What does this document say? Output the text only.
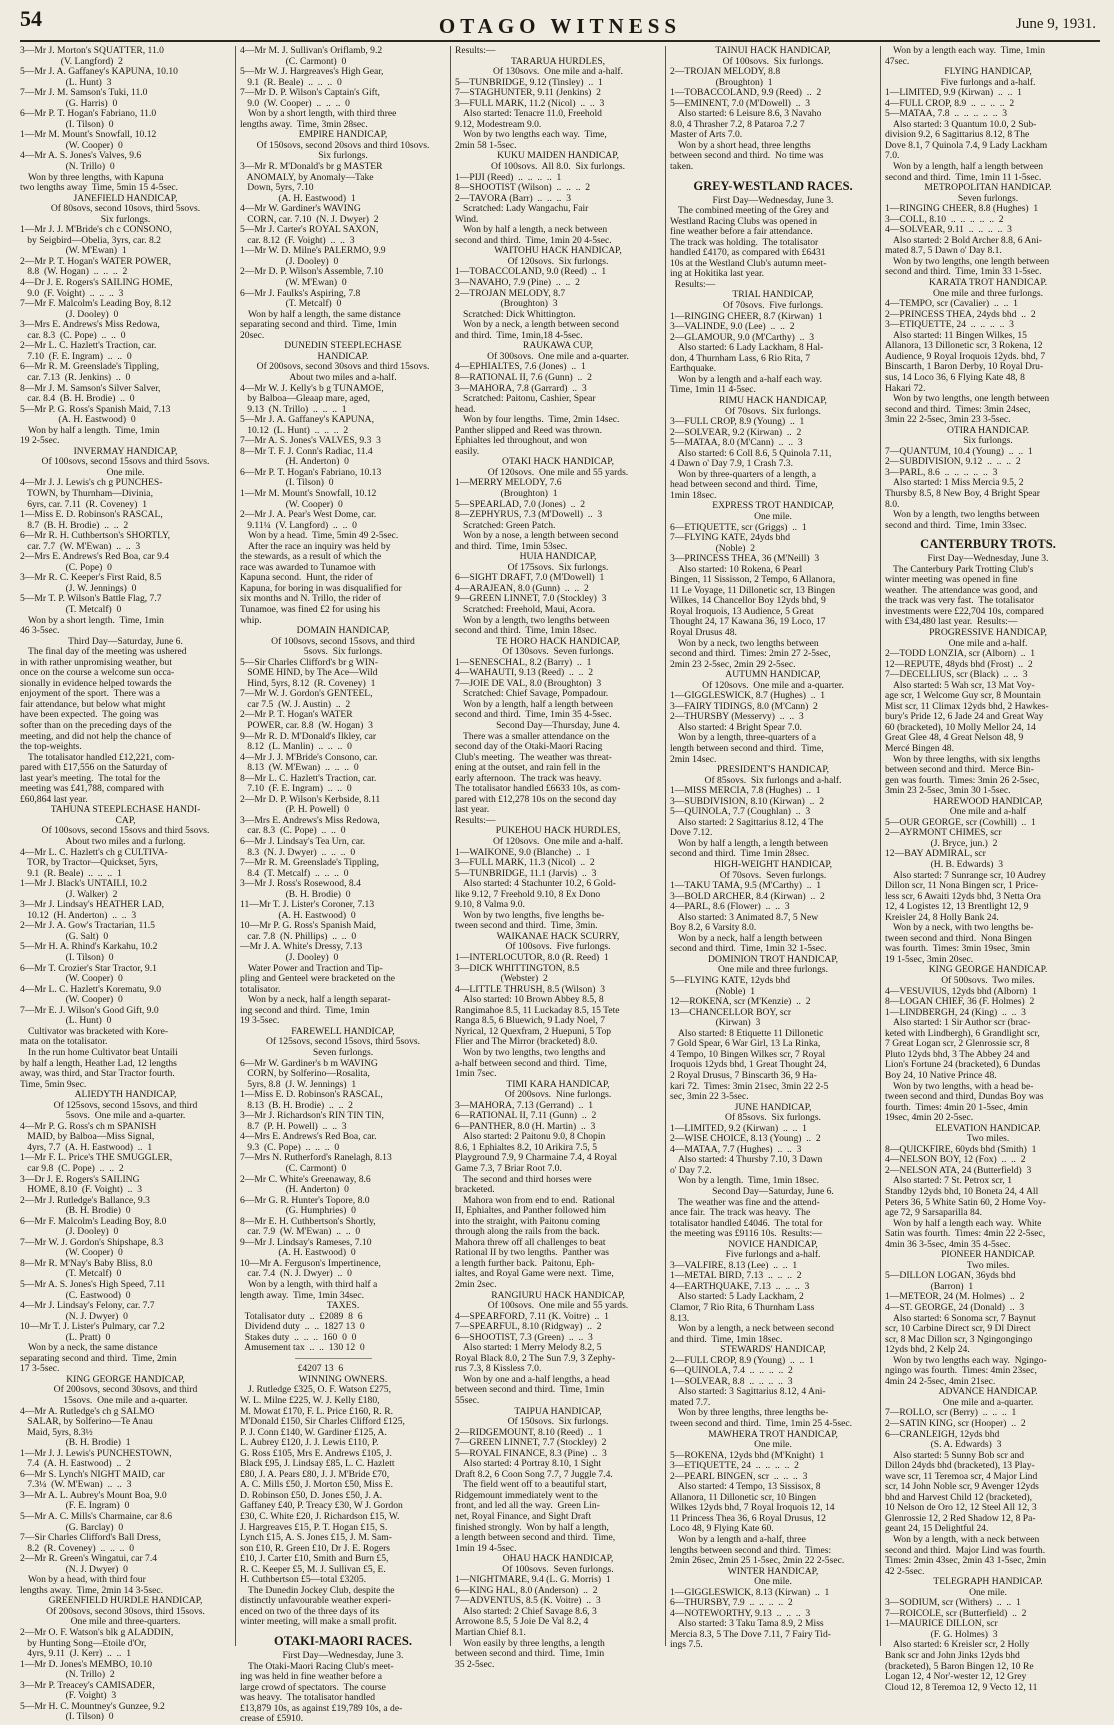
54	OTAGO WITNESS	June 9, 1931.
3—Mr J. Morton's SQUATTER, 11.0
(V. Langford)  2
5—Mr J. A. Gaffaney's KAPUNA, 10.10
(L. Hunt)  3
7—Mr J. M. Samson's Tuki, 11.0
(G. Harris)  0
6—Mr P. T. Hogan's Fabriano, 11.0
(I. Tilson)  0
1—Mr M. Mount's Snowfall, 10.12
(W. Cooper)  0
4—Mr A. S. Jones's Valves, 9.6
(N. Trillo)  0
Won by three lengths, with Kapuna
two lengths away  Time, 5min 15 4-5sec.
JANEFIELD HANDICAP,
Of 80sovs, second 10sovs, third 5sovs.
Six furlongs.
1—Mr J. J. M'Bride's ch c CONSONO,
by Seigbird—Obelia, 3yrs, car. 8.2
(W. M'Ewan)  1
2—Mr P. T. Hogan's WATER POWER,
8.8  (W. Hogan)  ..  ..  ..  2
4—Dr J. E. Rogers's SAILING HOME,
9.0  (F. Voight)  ..  ..  ..  3
7—Mr F. Malcolm's Leading Boy, 8.12
(J. Dooley)  0
3—Mrs E. Andrews's Miss Redowa,
car. 8.3  (C. Pope)  ..  ..  0
2—Mr L. C. Hazlett's Traction, car.
7.10  (F. E. Ingram)  ..  ..  0
6—Mr R. M. Greenslade's Tippling,
car. 7.13  (R. Jenkins)  ..  0
8—Mr J. M. Samson's Silver Salver,
car. 8.4  (B. H. Brodie)  ..  0
5—Mr P. G. Ross's Spanish Maid, 7.13
(A. H. Eastwood)  0
Won by half a length.  Time, 1min
19 2-5sec.
INVERMAY HANDICAP,
Of 100sovs, second 15sovs and third 5sovs.
One mile.
4—Mr J. J. Lewis's ch g PUNCHES-
TOWN, by Thurnham—Divinia,
6yrs, car. 7.11  (R. Coveney)  1
1—Miss E. D. Robinson's RASCAL,
8.7  (B. H. Brodie)  ..  ..  2
6—Mr R. H. Cuthbertson's SHORTLY,
car. 7.7  (W. M'Ewan)  ..  ..  3
2—Mrs E. Andrews's Red Boa, car 9.4
(C. Pope)  0
3—Mr R. C. Keeper's First Raid, 8.5
(J. W. Jennings)  0
5—Mr T. P. Wilson's Battle Flag, 7.7
(T. Metcalf)  0
Won by a short length.  Time, 1min
46 3-5sec.
Third Day—Saturday, June 6.
The final day of the meeting was ushered
in with rather unpromising weather, but
once on the course a welcome sun occa-
sionally in evidence helped towards the
enjoyment of the sport.  There was a
fair attendance, but below what might
have been expected.  The going was
softer than on the preceding days of the
meeting, and did not help the chance of
the top-weights.
The totalisator handled £12,221, com-
pared with £17,556 on the Saturday of
last year's meeting.  The total for the
meeting was £41,788, compared with
£60,864 last year.
TAHUNA STEEPLECHASE HANDI-
CAP,
Of 100sovs, second 15sovs and third 5sovs.
About two miles and a furlong.
4—Mr L. C. Hazlett's ch g CULTIVA-
TOR, by Tractor—Quickset, 5yrs,
9.1  (R. Beale)  ..  ..  ..  1
1—Mr J. Black's UNTAILI, 10.2
(J. Walker)  2
3—Mr J. Lindsay's HEATHER LAD,
10.12  (H. Anderton)  ..  ..  3
2—Mr J. A. Gow's Tractarian, 11.5
(G. Salt)  0
5—Mr H. A. Rhind's Karkahu, 10.2
(I. Tilson)  0
6—Mr T. Crozier's Star Tractor, 9.1
(W. Cooper)  0
4—Mr L. C. Hazlett's Korematu, 9.0
(W. Cooper)  0
7—Mr E. J. Wilson's Good Gift, 9.0
(L. Hunt)  0
Cultivator was bracketed with Kore-
mata on the totalisator.
In the run home Cultivator beat Untaili
by half a length, Heather Lad, 12 lengths
away, was third, and Star Tractor fourth.
Time, 5min 9sec.
ALIEDYTH HANDICAP,
Of 125sovs, second 15sovs, and third
5sovs.  One mile and a-quarter.
4—Mr P. G. Ross's ch m SPANISH
MAID, by Balboa—Miss Signal,
4yrs, 7.7  (A. H. Eastwood)  ..  1
1—Mr F. L. Price's THE SMUGGLER,
car 9.8  (C. Pope)  ..  ..  2
3—Dr J. E. Rogers's SAILING
HOME, 8.10  (F. Voight)  ..  3
2—Mr J. Rutledge's Ballance, 9.3
(B. H. Brodie)  0
6—Mr F. Malcolm's Leading Boy, 8.0
(J. Dooley)  0
7—Mr W. J. Gordon's Shipshape, 8.3
(W. Cooper)  0
8—Mr R. M'Nay's Baby Bliss, 8.0
(T. Metcalf)  0
5—Mr A. S. Jones's High Speed, 7.11
(C. Eastwood)  0
4—Mr J. Lindsay's Felony, car. 7.7
(N. J. Dwyer)  0
10—Mr T. J. Lister's Pulmary, car 7.2
(L. Pratt)  0
Won by a neck, the same distance
separating second and third.  Time, 2min
17 3-5sec.
KING GEORGE HANDICAP,
Of 200sovs, second 30sovs, and third
15sovs.  One mile and a-quarter.
4—Mr A. Rutledge's ch g SALMO
SALAR, by Solferino—Te Anau
Maid, 5yrs, 8.3½
(B. H. Brodie)  1
1—Mr J. J. Lewis's PUNCHESTOWN,
7.4  (A. H. Eastwood)  ..  2
6—Mr S. Lynch's NIGHT MAID, car
7.3¼  (W. M'Ewan)  ..  ..  3
3—Mr A. L. Aubrey's Mount Boa, 9.0
(F. E. Ingram)  0
5—Mr A. C. Mills's Charmaine, car 8.6
(G. Barclay)  0
7—Sir Charles Clifford's Ball Dress,
8.2  (R. Coveney)  ..  ..  ..  0
2—Mr R. Green's Wingatui, car 7.4
(N. J. Dwyer)  0
Won by a head, with third four
lengths away.  Time, 2min 14 3-5sec.
GREENFIELD HURDLE HANDICAP,
Of 200sovs, second 30sovs, third 15sovs.
One mile and three-quarters.
2—Mr O. F. Watson's blk g ALADDIN,
by Hunting Song—Etoile d'Or,
4yrs, 9.11  (J. Kerr)  ..  ..  1
1—Mr D. Jones's MEMBO, 10.10
(N. Trillo)  2
3—Mr P. Treacey's CAMISADER,
(F. Voight)  3
5—Mr H. C. Mountney's Gunzee, 9.2
(I. Tilson)  0
4—Mr M. J. Sullivan's Oriflamb, 9.2
(C. Carmont)  0
5—Mr W. J. Hargreaves's High Gear,
9.1  (R. Beale)  ..  ..  ..  0
7—Mr D. P. Wilson's Captain's Gift,
9.0  (W. Cooper)  ..  ..  ..  0
Won by a short length, with third three
lengths away.  Time, 3min 28sec.
EMPIRE HANDICAP,
Of 150sovs, second 20sovs and third 10sovs.
Six furlongs.
3—Mr R. M'Donald's br g MASTER
ANOMALY, by Anomaly—Take
Down, 5yrs, 7.10
(A. H. Eastwood)  1
4—Mr W. Gardiner's WAVING
CORN, car. 7.10  (N. J. Dwyer)  2
5—Mr J. Carter's ROYAL SAXON,
car. 8.12  (F. Voight)  ..  ..  3
1—Mr W. D. Milne's PALERMO, 9.9
(J. Dooley)  0
2—Mr D. P. Wilson's Assemble, 7.10
(W. M'Ewan)  0
6—Mr J. Faulks's Aspiring, 7.8
(T. Metcalf)  0
Won by half a length, the same distance
separating second and third.  Time, 1min
20sec.
DUNEDIN STEEPLECHASE
HANDICAP.
Of 200sovs, second 30sovs and third 15sovs.
About two miles and a-half.
4—Mr W. J. Kelly's b g TUNAMOE,
by Balboa—Gleaap mare, aged,
9.13  (N. Trillo)  ..  ..  ..  1
5—Mr J. A. Gaffaney's KAPUNA,
10.12  (L. Hunt)  ..  ..  ..  2
7—Mr A. S. Jones's VALVES, 9.3  3
8—Mr T. F. J. Conn's Radiac, 11.4
(H. Anderton)  0
6—Mr P. T. Hogan's Fabriano, 10.13
(I. Tilson)  0
1—Mr M. Mount's Snowfall, 10.12
(W. Cooper)  0
2—Mr J. A. Pear's West Dome, car.
9.11¼  (V. Langford)  ..  ..  0
Won by a head.  Time, 5min 49 2-5sec.
After the race an inquiry was held by
the stewards, as a result of which the
race was awarded to Tunamoe with
Kapuna second.  Hunt, the rider of
Kapuna, for boring in was disqualified for
six months and N. Trillo, the rider of
Tunamoe, was fined £2 for using his
whip.
DOMAIN HANDICAP,
Of 100sovs, second 15sovs, and third
5sovs.  Six furlongs.
5—Sir Charles Clifford's br g WIN-
SOME HIND, by The Ace—Wild
Hind, 5yrs, 8.12  (R. Coveney)  1
7—Mr W. J. Gordon's GENTEEL,
car 7.5  (W. J. Austin)  ..  2
2—Mr P. T. Hogan's WATER
POWER, car. 8.8  (W. Hogan)  3
9—Mr R. D. M'Donald's Ilkley, car
8.12  (L. Manlin)  ..  ..  ..  0
4—Mr J. J. M'Bride's Consono, car.
8.13  (W. M'Ewan)  ..  ..  ..  0
8—Mr L. C. Hazlett's Traction, car.
7.10  (F. E. Ingram)  ..  ..  0
2—Mr D. P. Wilson's Kerbside, 8.11
(P. H. Powell)  0
3—Mrs E. Andrews's Miss Redowa,
car. 8.3  (C. Pope)  ..  ..  0
6—Mr J. Lindsay's Tea Urn, car.
8.3  (N. J. Dwyer)  ..  ..  ..  0
7—Mr R. M. Greenslade's Tippling,
8.4  (T. Metcalf)  ..  ..  ..  0
3—Mr J. Ross's Rosewood, 8.4
(B. H. Brodie)  0
11—Mr T. J. Lister's Coroner, 7.13
(A. H. Eastwood)  0
10—Mr P. G. Ross's Spanish Maid,
car. 7.8  (N. Phillips)  ..  ..  0
—Mr J. A. White's Dressy, 7.13
(J. Dooley)  0
Water Power and Traction and Tip-
pling and Genteel were bracketed on the
totalisator.
Won by a neck, half a length separat-
ing second and third.  Time, 1min
19 3-5sec.
FAREWELL HANDICAP,
Of 125sovs, second 15sovs, third 5sovs.
Seven furlongs.
6—Mr W. Gardiner's b m WAVING
CORN, by Solferino—Rosalita,
5yrs, 8.8  (J. W. Jennings)  1
1—Miss E. D. Robinson's RASCAL,
8.13  (B. H. Brodie)  ..  ..  2
3—Mr J. Richardson's RIN TIN TIN,
8.7  (P. H. Powell)  ..  ..  3
4—Mrs E. Andrews's Red Boa, car.
9.3  (C. Pope)  ..  ..  ..  0
7—Mrs N. Rutherford's Ranelagh, 8.13
(C. Carmont)  0
2—Mr C. White's Greenaway, 8.6
(H. Anderton)  0
6—Mr G. R. Hunter's Topore, 8.0
(G. Humphries)  0
8—Mr E. H. Cuthbertson's Shortly,
car. 7.9  (W. M'Ewan)  ..  ..  0
9—Mr J. Lindsay's Rameses, 7.10
(A. H. Eastwood)  0
10—Mr A. Ferguson's Impertinence,
car. 7.4  (N. J. Dwyer)  ..  0
Won by a length, with third half a
length away.  Time, 1min 34sec.
TAXES.
Totalisator duty  ..  £2089  8  6
Dividend duty  ..  ..  1827 13  0
Stakes duty  ..  ..  ..  160  0  0
Amusement tax  ..  ..  130 12  0
————————
£4207 13  6
WINNING OWNERS.
J. Rutledge £325, O. F. Watson £275,
W. L. Milne £225, W. J. Kelly £180,
M. Mowat £170, F. L. Price £160, R. R.
M'Donald £150, Sir Charles Clifford £125,
P. J. Conn £140, W. Gardiner £125, A.
L. Aubrey £120, J. J. Lewis £110, P.
G. Ross £105, Mrs E. Andrews £105, J.
Black £95, J. Lindsay £85, L. C. Hazlett
£80, J. A. Pears £80, J. J. M'Bride £70,
A. C. Mills £50, J. Morton £50, Miss E.
D. Robinson £50, D. Jones £50, J. A.
Gaffaney £40, P. Treacy £30, W J. Gordon
£30, C. White £20, J. Richardson £15, W.
J. Hargreaves £15, P. T. Hogan £15, S.
Lynch £15, A. S. Jones £15, J. M. Sam-
son £10, R. Green £10, Dr J. E. Rogers
£10, J. Carter £10, Smith and Burn £5,
R. C. Keeper £5, M. J. Sullivan £5, E.
H. Cuthbertson £5—total £3205.
The Dunedin Jockey Club, despite the
distinctly unfavourable weather experi-
enced on two of the three days of its
winter meeting, will make a small profit.
OTAKI-MAORI RACES.
First Day—Wednesday, June 3.
The Otaki-Maori Racing Club's meet-
ing was held in fine weather before a
large crowd of spectators.  The course
was heavy.  The totalisator handled
£13,879 10s, as against £19,789 10s, a de-
crease of £5910.
Results:—
TARARUA HURDLES,
Of 130sovs.  One mile and a-half.
5—TUNBRIDGE, 9.12 (Tinsley)  ..  1
7—STAGHUNTER, 9.11 (Jenkins)  2
3—FULL MARK, 11.2 (Nicol)  ..  ..  3
Also started: Tenacre 11.0, Freehold
9.12, Modestream 9.0.
Won by two lengths each way.  Time,
2min 58 1-5sec.
KUKU MAIDEN HANDICAP,
Of 100sovs.  All 8.0.  Six furlongs.
1—PIJI (Reed)  ..  ..  ..  ..  1
8—SHOOTIST (Wilson)  ..  ..  ..  2
2—TAVORA (Barr)  ..  ..  ..  3
Scratched: Lady Wangachu, Fair
Wind.
Won by half a length, a neck between
second and third.  Time, 1min 20 4-5sec.
WAITOHU HACK HANDICAP,
Of 120sovs.  Six furlongs.
1—TOBACCOLAND, 9.0 (Reed)  ..  1
3—NAVAHO, 7.9 (Pine)  ..  ..  2
2—TROJAN MELODY, 8.7
(Broughton)  3
Scratched: Dick Whittington.
Won by a neck, a length between second
and third.  Time, 1min,18 4-5sec.
RAUKAWA CUP,
Of 300sovs.  One mile and a-quarter.
4—EPHIALTES, 7.6 (Jones)  ..  1
8—RATIONAL II, 7.6 (Gunn)  ..  2
3—MAHORA, 7.8 (Garrard)  ..  3
Scratched: Paitonu, Cashier, Spear
head.
Won by four lengths.  Time, 2min 14sec.
Panther slipped and Reed was thrown.
Ephialtes led throughout, and won
easily.
OTAKI HACK HANDICAP,
Of 120sovs.  One mile and 55 yards.
1—MERRY MELODY, 7.6
(Broughton)  1
5—SPEARLAD, 7.0 (Jones)  ..  2
8—ZEPHYRUS, 7.3 (M'Dowell)  ..  3
Scratched: Green Patch.
Won by a nose, a length between second
and third.  Time, 1min 53sec.
HUIA HANDICAP,
Of 175sovs.  Six furlongs.
6—SIGHT DRAFT, 7.0 (M'Dowell)  1
4—ARAJEAN, 8.0 (Gunn)  ..  ..  2
9—GREEN LINNET, 7.0 (Stockley)  3
Scratched: Freehold, Maui, Acora.
Won by a length, two lengths between
second and third.  Time, 1min 18sec.
TE HORO HACK HANDICAP,
Of 130sovs.  Seven furlongs.
1—SENESCHAL, 8.2 (Barry)  ..  1
4—WAHAUTI, 9.13 (Reed)  ..  ..  2
7—JOIE DE VAL, 8.0 (Broughton)  3
Scratched: Chief Savage, Pompadour.
Won by a length, half a length between
second and third.  Time, 1min 35 4-5sec.
Second Day—Thursday, June 4.
There was a smaller attendance on the
second day of the Otaki-Maori Racing
Club's meeting.  The weather was threat-
ening at the outset, and rain fell in the
early afternoon.  The track was heavy.
The totalisator handled £6633 10s, as com-
pared with £12,278 10s on the second day
last year.
Results:—
PUKEHOU HACK HURDLES,
Of 120sovs.  One mile and a-half.
1—WAIKONE, 9.0 (Blanche)  ..  1
3—FULL MARK, 11.3 (Nicol)  ..  2
5—TUNBRIDGE, 11.1 (Jarvis)  ..  3
Also started: 4 Stachunter 10.2, 6 Gold-
like 9.12, 7 Freehold 9.10, 8 Ex Dono
9.10, 8 Valma 9.0.
Won by two lengths, five lengths be-
tween second and third.  Time, 3min.
WAIKANAE HACK SCURRY,
Of 100sovs.  Five furlongs.
1—INTERLOCUTOR, 8.0 (R. Reed)  1
3—DICK WHITTINGTON, 8.5
(Webster)  2
4—LITTLE THRUSH, 8.5 (Wilson)  3
Also started: 10 Brown Abbey 8.5, 8
Rangimahoe 8.5, 11 Luckaday 8.5, 15 Tete
Ranga 8.5, 6 Bluewich, 9 Lady Noel, 7
Nyrical, 12 Quexfram, 2 Huepuni, 5 Top
Flier and The Mirror (bracketed) 8.0.
Won by two lengths, two lengths and
a-half between second and third.  Time,
1min 7sec.
TIMI KARA HANDICAP,
Of 200sovs.  Nine furlongs.
3—MAHORA, 7.13 (Gerrand)  ..  1
6—RATIONAL II, 7.11 (Gunn)  ..  2
6—PANTHER, 8.0 (H. Martin)  ..  3
Also started: 2 Paitonu 9.0, 8 Chopin
8.6, 1 Ephialtes 8.2, 10 Arikira 7.5, 5
Playground 7.9, 9 Charmaine 7.4, 4 Royal
Game 7.3, 7 Briar Root 7.0.
The second and third horses were
bracketed.
Mahora won from end to end.  Rational
II, Ephialtes, and Panther followed him
into the straight, with Paitonu coming
through along the rails from the back.
Mahora threw off all challenges to beat
Rational II by two lengths.  Panther was
a length further back.  Paitonu, Eph-
ialtes, and Royal Game were next.  Time,
2min 2sec.
RANGIURU HACK HANDICAP,
Of 100sovs.  One mile and 55 yards.
4—SPEARFORD, 7.11 (K. Voitre)  ..  1
7—SPEARFUL, 8.10 (Ridgway)  ..  2
6—SHOOTIST, 7.3 (Green)  ..  ..  3
Also started: 1 Merry Melody 8.2, 5
Royal Black 8.0, 2 The Sun 7.9, 3 Zephy-
rus 7.3, 8 Kissless 7.0.
Won by one and a-half lengths, a head
between second and third.  Time, 1min
55sec.
TAIPUA HANDICAP,
Of 150sovs.  Six furlongs.
2—RIDGEMOUNT, 8.10 (Reed)  ..  1
7—GREEN LINNET, 7.7 (Stockley)  2
5—ROYAL FINANCE, 8.3 (Pine)  ..  3
Also started: 4 Portray 8.10, 1 Sight
Draft 8.2, 6 Coon Song 7.7, 7 Juggle 7.4.
The field went off to a beautiful start,
Ridgemount immediately went to the
front, and led all the way.  Green Lin-
net, Royal Finance, and Sight Draft
finished strongly.  Won by half a length,
a length between second and third.  Time,
1min 19 4-5sec.
OHAU HACK HANDICAP,
Of 100sovs.  Seven furlongs.
1—NIGHTMARE, 9.4 (L. G. Morris)  1
6—KING HAL, 8.0 (Anderson)  ..  2
7—ADVENTUS, 8.5 (K. Voitre)  ..  3
Also started: 2 Chief Savage 8.6, 3
Arrowone 8.5, 5 Joie De Val 8.2, 4
Martian Chief 8.1.
Won easily by three lengths, a length
between second and third.  Time, 1min
35 2-5sec.
TAINUI HACK HANDICAP,
Of 100sovs.  Six furlongs.
2—TROJAN MELODY, 8.8
(Broughton)  1
1—TOBACCOLAND, 9.9 (Reed)  ..  2
5—EMINENT, 7.0 (M'Dowell)  ..  3
Also started: 6 Leisure 8.6, 3 Navaho
8.0, 4 Thrasher 7.2, 8 Pataroa 7.2 7
Master of Arts 7.0.
Won by a short head, three lengths
between second and third.  No time was
taken.
GREY-WESTLAND RACES.
First Day—Wednesday, June 3.
The combined meeting of the Grey and
Westland Racing Clubs was opened in
fine weather before a fair attendance.
The track was holding.  The totalisator
handled £4170, as compared with £6431
10s at the Westland Club's autumn meet-
ing at Hokitika last year.
Results:—
TRIAL HANDICAP,
Of 70sovs.  Five furlongs.
1—RINGING CHEER, 8.7 (Kirwan)  1
3—VALINDE, 9.0 (Lee)  ..  ..  2
2—GLAMOUR, 9.0 (M'Carthy)  ..  3
Also started: 6 Lady Lackham, 8 Hal-
don, 4 Thurnham Lass, 6 Rio Rita, 7
Earthquake.
Won by a length and a-half each way.
Time, 1min 11 4-5sec.
RIMU HACK HANDICAP,
Of 70sovs.  Six furlongs.
3—FULL CROP, 8.9 (Young)  ..  1
2—SOLVEAR, 9.2 (Kirwan)  ..  2
5—MATAA, 8.0 (M'Cann)  ..  ..  3
Also started: 6 Coll 8.6, 5 Quinola 7.11,
4 Dawn o' Day 7.9, 1 Crash 7.3.
Won by three-quarters of a length, a
head between second and third.  Time,
1min 18sec.
EXPRESS TROT HANDICAP,
One mile.
6—ETIQUETTE, scr (Griggs)  ..  1
7—FLYING KATE, 24yds bhd
(Noble)  2
3—PRINCESS THEA, 36 (M'Neill)  3
Also started: 10 Rokena, 6 Pearl
Bingen, 11 Sississon, 2 Tempo, 6 Allanora,
11 Le Voyage, 11 Dillonetic scr, 13 Bingen
Wilkes, 14 Chancellor Boy 12yds bhd, 9
Royal Iroquois, 13 Audience, 5 Great
Thought 24, 17 Kawana 36, 19 Loco, 17
Royal Drusus 48.
Won by a neck, two lengths between
second and third.  Times: 2min 27 2-5sec,
2min 23 2-5sec, 2min 29 2-5sec.
AUTUMN HANDICAP,
Of 120sovs.  One mile and a-quarter.
1—GIGGLESWICK, 8.7 (Hughes)  ..  1
3—FAIRY TIDINGS, 8.0 (M'Cann)  2
2—THURSBY (Messervy)  ..  ..  3
Also started: 4 Bright Spear 7.0.
Won by a length, three-quarters of a
length between second and third.  Time,
2min 14sec.
PRESIDENT'S HANDICAP,
Of 85sovs.  Six furlongs and a-half.
1—MISS MERCIA, 7.8 (Hughes)  ..  1
3—SUBDIVISION, 8.10 (Kirwan)  ..  2
5—QUINOLA, 7.7 (Coughlan)  ..  3
Also started: 2 Sagittarius 8.12, 4 The
Dove 7.12.
Won by half a length, a length between
second and third.  Time 1min 28sec.
HIGH-WEIGHT HANDICAP,
Of 70sovs.  Seven furlongs.
1—TAKU TAMA, 9.5 (M'Carthy)  ..  1
3—BOLD ARCHER, 8.4 (Kirwan)  ..  2
4—PARL, 8.6 (Flower)  ..  ..  3
Also started: 3 Animated 8.7, 5 New
Boy 8.2, 6 Varsity 8.0.
Won by a neck, half a length between
second and third.  Time, 1min 32 1-5sec.
DOMINION TROT HANDICAP,
One mile and three furlongs.
5—FLYING KATE, 12yds bhd
(Noble)  1
12—ROKENA, scr (M'Kenzie)  ..  2
13—CHANCELLOR BOY, scr
(Kirwan)  3
Also started: 8 Etiquette 11 Dillonetic
7 Gold Spear, 6 War Girl, 13 La Rinka,
4 Tempo, 10 Bingen Wilkes scr, 7 Royal
Iroquois 12yds bhd, 1 Great Thought 24,
2 Royal Drusus, 7 Binscarth 36, 9 Ha-
kari 72.  Times: 3min 21sec, 3min 22 2-5
sec, 3min 22 3-5sec.
JUNE HANDICAP,
Of 85sovs.  Six furlongs.
1—LIMITED, 9.2 (Kirwan)  ..  ..  1
2—WISE CHOICE, 8.13 (Young)  ..  2
4—MATAA, 7.7 (Hughes)  ..  ..  3
Also started: 4 Thursby 7.10, 3 Dawn
o' Day 7.2.
Won by a length.  Time, 1min 18sec.
Second Day—Saturday, June 6.
The weather was fine and the attend-
ance fair.  The track was heavy.  The
totalisator handled £4046.  The total for
the meeting was £9116 10s.  Results:—
NOVICE HANDICAP,
Five furlongs and a-half.
3—VALFIRE, 8.13 (Lee)  ..  ..  1
1—METAL BIRD, 7.13  ..  ..  ..  2
4—EARTHQUAKE, 7.13  ..  ..  ..  3
Also started: 5 Lady Lackham, 2
Clamor, 7 Rio Rita, 6 Thurnham Lass
8.13.
Won by a length, a neck between second
and third.  Time, 1min 18sec.
STEWARDS' HANDICAP,
2—FULL CROP, 8.9 (Young)  ..  ..  1
6—QUINOLA, 7.4  ..  ..  ..  ..  2
1—SOLVEAR, 8.8  ..  ..  ..  ..  3
Also started: 3 Sagittarius 8.12, 4 Ani-
mated 7.7.
Won by three lengths, three lengths be-
tween second and third.  Time, 1min 25 4-5sec.
MAWHERA TROT HANDICAP,
One mile.
5—ROKENA, 12yds bhd (M'Knight)  1
3—ETIQUETTE, 24  ..  ..  ..  ..  2
2—PEARL BINGEN, scr  ..  ..  ..  3
Also started: 4 Tempo, 13 Sissisox, 8
Allanora, 11 Dillonetic scr, 10 Bingen
Wilkes 12yds bhd, 7 Royal Iroquois 12, 14
11 Princess Thea 36, 6 Royal Drusus, 12
Loco 48, 9 Flying Kate 60.
Won by a length and a-half, three
lengths between second and third.  Times:
2min 26sec, 2min 25 1-5sec, 2min 22 2-5sec.
WINTER HANDICAP,
One mile.
1—GIGGLESWICK, 8.13 (Kirwan)  ..  1
6—THURSBY, 7.9  ..  ..  ..  ..  2
4—NOTEWORTHY, 9.13  ..  ..  ..  3
Also started: 3 Taku Tama 8.9, 2 Miss
Mercia 8.3, 5 The Dove 7.11, 7 Fairy Tid-
ings 7.5.
Won by a length each way.  Time, 1min
47sec.
FLYING HANDICAP,
Five furlongs and a-half.
1—LIMITED, 9.9 (Kirwan)  ..  ..  1
4—FULL CROP, 8.9  ..  ..  ..  ..  2
5—MATAA, 7.8  ..  ..  ..  ..  ..  3
Also started: 3 Quantum 10.0, 2 Sub-
division 9.2, 6 Sagittarius 8.12, 8 The
Dove 8.1, 7 Quinola 7.4, 9 Lady Lackham
7.0.
Won by a length, half a length between
second and third.  Time, 1min 11 1-5sec.
METROPOLITAN HANDICAP.
Seven furlongs.
1—RINGING CHEER, 8.8 (Hughes)  1
3—COLL, 8.10  ..  ..  ..  ..  ..  2
4—SOLVEAR, 9.11  ..  ..  ..  ..  3
Also started: 2 Bold Archer 8.8, 6 Ani-
mated 8.7, 5 Dawn o' Day 8.1.
Won by two lengths, one length between
second and third.  Time, 1min 33 1-5sec.
KARATA TROT HANDICAP.
One mile and three furlongs.
4—TEMPO, scr (Cavalier)  ..  ..  1
2—PRINCESS THEA, 24yds bhd  ..  2
3—ETIQUETTE, 24  ..  ..  ..  ..  3
Also started: 11 Bingen Wilkes, 15
Allanora, 13 Dillonetic scr, 3 Rokena, 12
Audience, 9 Royal Iroquois 12yds. bhd, 7
Binscarth, 1 Baron Derby, 10 Royal Dru-
sus, 14 Loco 36, 6 Flying Kate 48, 8
Hakari 72.
Won by two lengths, one length between
second and third.  Times: 3min 24sec,
3min 22 2-5sec, 3min 23 3-5sec.
OTIRA HANDICAP.
Six furlongs.
7—QUANTUM, 10.4 (Young)  ..  ..  1
2—SUBDIVISION, 9.12  ..  ..  ..  2
3—PARL, 8.6  ..  ..  ..  ..  ..  3
Also started: 1 Miss Mercia 9.5, 2
Thursby 8.5, 8 New Boy, 4 Bright Spear
8.0.
Won by a length, two lengths between
second and third.  Time, 1min 33sec.
CANTERBURY TROTS.
First Day—Wednesday, June 3.
The Canterbury Park Trotting Club's
winter meeting was opened in fine
weather.  The attendance was good, and
the track was very fast.  The totalisator
investments were £22,704 10s, compared
with £34,480 last year.  Results:—
PROGRESSIVE HANDICAP,
One mile and a-half.
2—TODD LONZIA, scr (Alborn)  ..  1
12—REPUTE, 48yds bhd (Frost)  ..  2
7—DECELLIUS, scr (Black)  ..  ..  3
Also started: 5 Wah scr, 13 Mat Voy-
age scr, 1 Welcome Guy scr, 8 Mountain
Mist scr, 11 Climax 12yds bhd, 2 Hawkes-
bury's Pride 12, 6 Jade 24 and Great Way
60 (bracketed), 10 Molly Mellor 24, 14
Great Glee 48, 4 Great Nelson 48, 9
Mercé Bingen 48.
Won by three lengths, with six lengths
between second and third.  Merce Bin-
gen was fourth.  Times: 3min 26 2-5sec,
3min 23 2-5sec, 3min 30 1-5sec.
HAREWOOD HANDICAP,
One mile and a-half
5—OUR GEORGE, scr (Cowhill)  ..  1
2—AYRMONT CHIMES, scr
(J. Bryce, jun.)  2
12—BAY ADMIRAL, scr
(H. B. Edwards)  3
Also started: 7 Sunrange scr, 10 Audrey
Dillon scr, 11 Nona Bingen scr, 1 Price-
less scr, 6 Awaiti 12yds bhd, 3 Netta Ora
12, 4 Logistes 12, 13 Brentlight 12, 9
Kreisler 24, 8 Holly Bank 24.
Won by a neck, with two lengths be-
tween second and third.  Nona Bingen
was fourth.  Times: 3min 19sec, 3min
19 1-5sec, 3min 20sec.
KING GEORGE HANDICAP.
Of 500sovs.  Two miles.
4—VESUVIUS, 12yds bhd (Alborn)  1
8—LOGAN CHIEF, 36 (F. Holmes)  2
1—LINDBERGH, 24 (King)  ..  ..  3
Also started: 1 Sir Author scr (brac-
keted with Lindbergh), 6 Grandlight scr,
7 Great Logan scr, 2 Glenrossie scr, 8
Pluto 12yds bhd, 3 The Abbey 24 and
Lion's Fortune 24 (bracketed), 6 Dundas
Boy 24, 10 Native Prince 48.
Won by two lengths, with a head be-
tween second and third, Dundas Boy was
fourth.  Times: 4min 20 1-5sec, 4min
19sec, 4min 20 2-5sec.
ELEVATION HANDICAP.
Two miles.
8—QUICKFIRE, 60yds bhd (Smith)  1
4—NELSON BOY, 12 (Fox)  ..  ..  2
2—NELSON ATA, 24 (Butterfield)  3
Also started: 7 St. Petrox scr, 1
Standby 12yds bhd, 10 Boneta 24, 4 All
Peters 36, 5 White Satin 60, 2 Home Voy-
age 72, 9 Sarsaparilla 84.
Won by half a length each way.  White
Satin was fourth.  Times: 4min 22 2-5sec,
4min 36 3-5sec, 4min 35 4-5sec.
PIONEER HANDICAP.
Two miles.
5—DILLON LOGAN, 36yds bhd
(Barron)  1
1—METEOR, 24 (M. Holmes)  ..  2
4—ST. GEORGE, 24 (Donald)  ..  3
Also started: 6 Sonoma scr, 7 Baynut
scr, 10 Carbine Direct scr, 9 Dl Direct
scr, 8 Mac Dillon scr, 3 Ngingongingo
12yds bhd, 2 Kelp 24.
Won by two lengths each way.  Ngingo-
ngingo was fourth.  Times: 4min 23sec,
4min 24 2-5sec, 4min 21sec.
ADVANCE HANDICAP.
One mile and a-quarter.
7—ROLLO, scr (Berry)  ..  ..  ..  1
2—SATIN KING, scr (Hooper)  ..  2
6—CRANLEIGH, 12yds bhd
(S. A. Edwards)  3
Also started: 5 Sunny Bob scr and
Dillon 24yds bhd (bracketed), 13 Play-
wave scr, 11 Teremoa scr, 4 Major Lind
scr, 14 John Noble scr, 9 Avenger 12yds
bhd and Harvest Child 12 (bracketed),
10 Nelson de Oro 12, 12 Steel All 12, 3
Glenrossie 12, 2 Red Shadow 12, 8 Pa-
geant 24, 15 Delightful 24.
Won by a length, with a neck between
second and third.  Major Lind was fourth.
Times: 2min 43sec, 2min 43 1-5sec, 2min
42 2-5sec.
TELEGRAPH HANDICAP.
One mile.
3—SODIUM, scr (Withers)  ..  ..  1
7—ROICOLE, scr (Butterfield)  ..  2
1—MAURICE DILLON, scr
(F. G. Holmes)  3
Also started: 6 Kreisler scr, 2 Holly
Bank scr and John Jinks 12yds bhd
(bracketed), 5 Baron Bingen 12, 10 Re
Logan 12, 4 Nor'-wester 12, 12 Grey
Cloud 12, 8 Teremoa 12, 9 Vecto 12, 11
